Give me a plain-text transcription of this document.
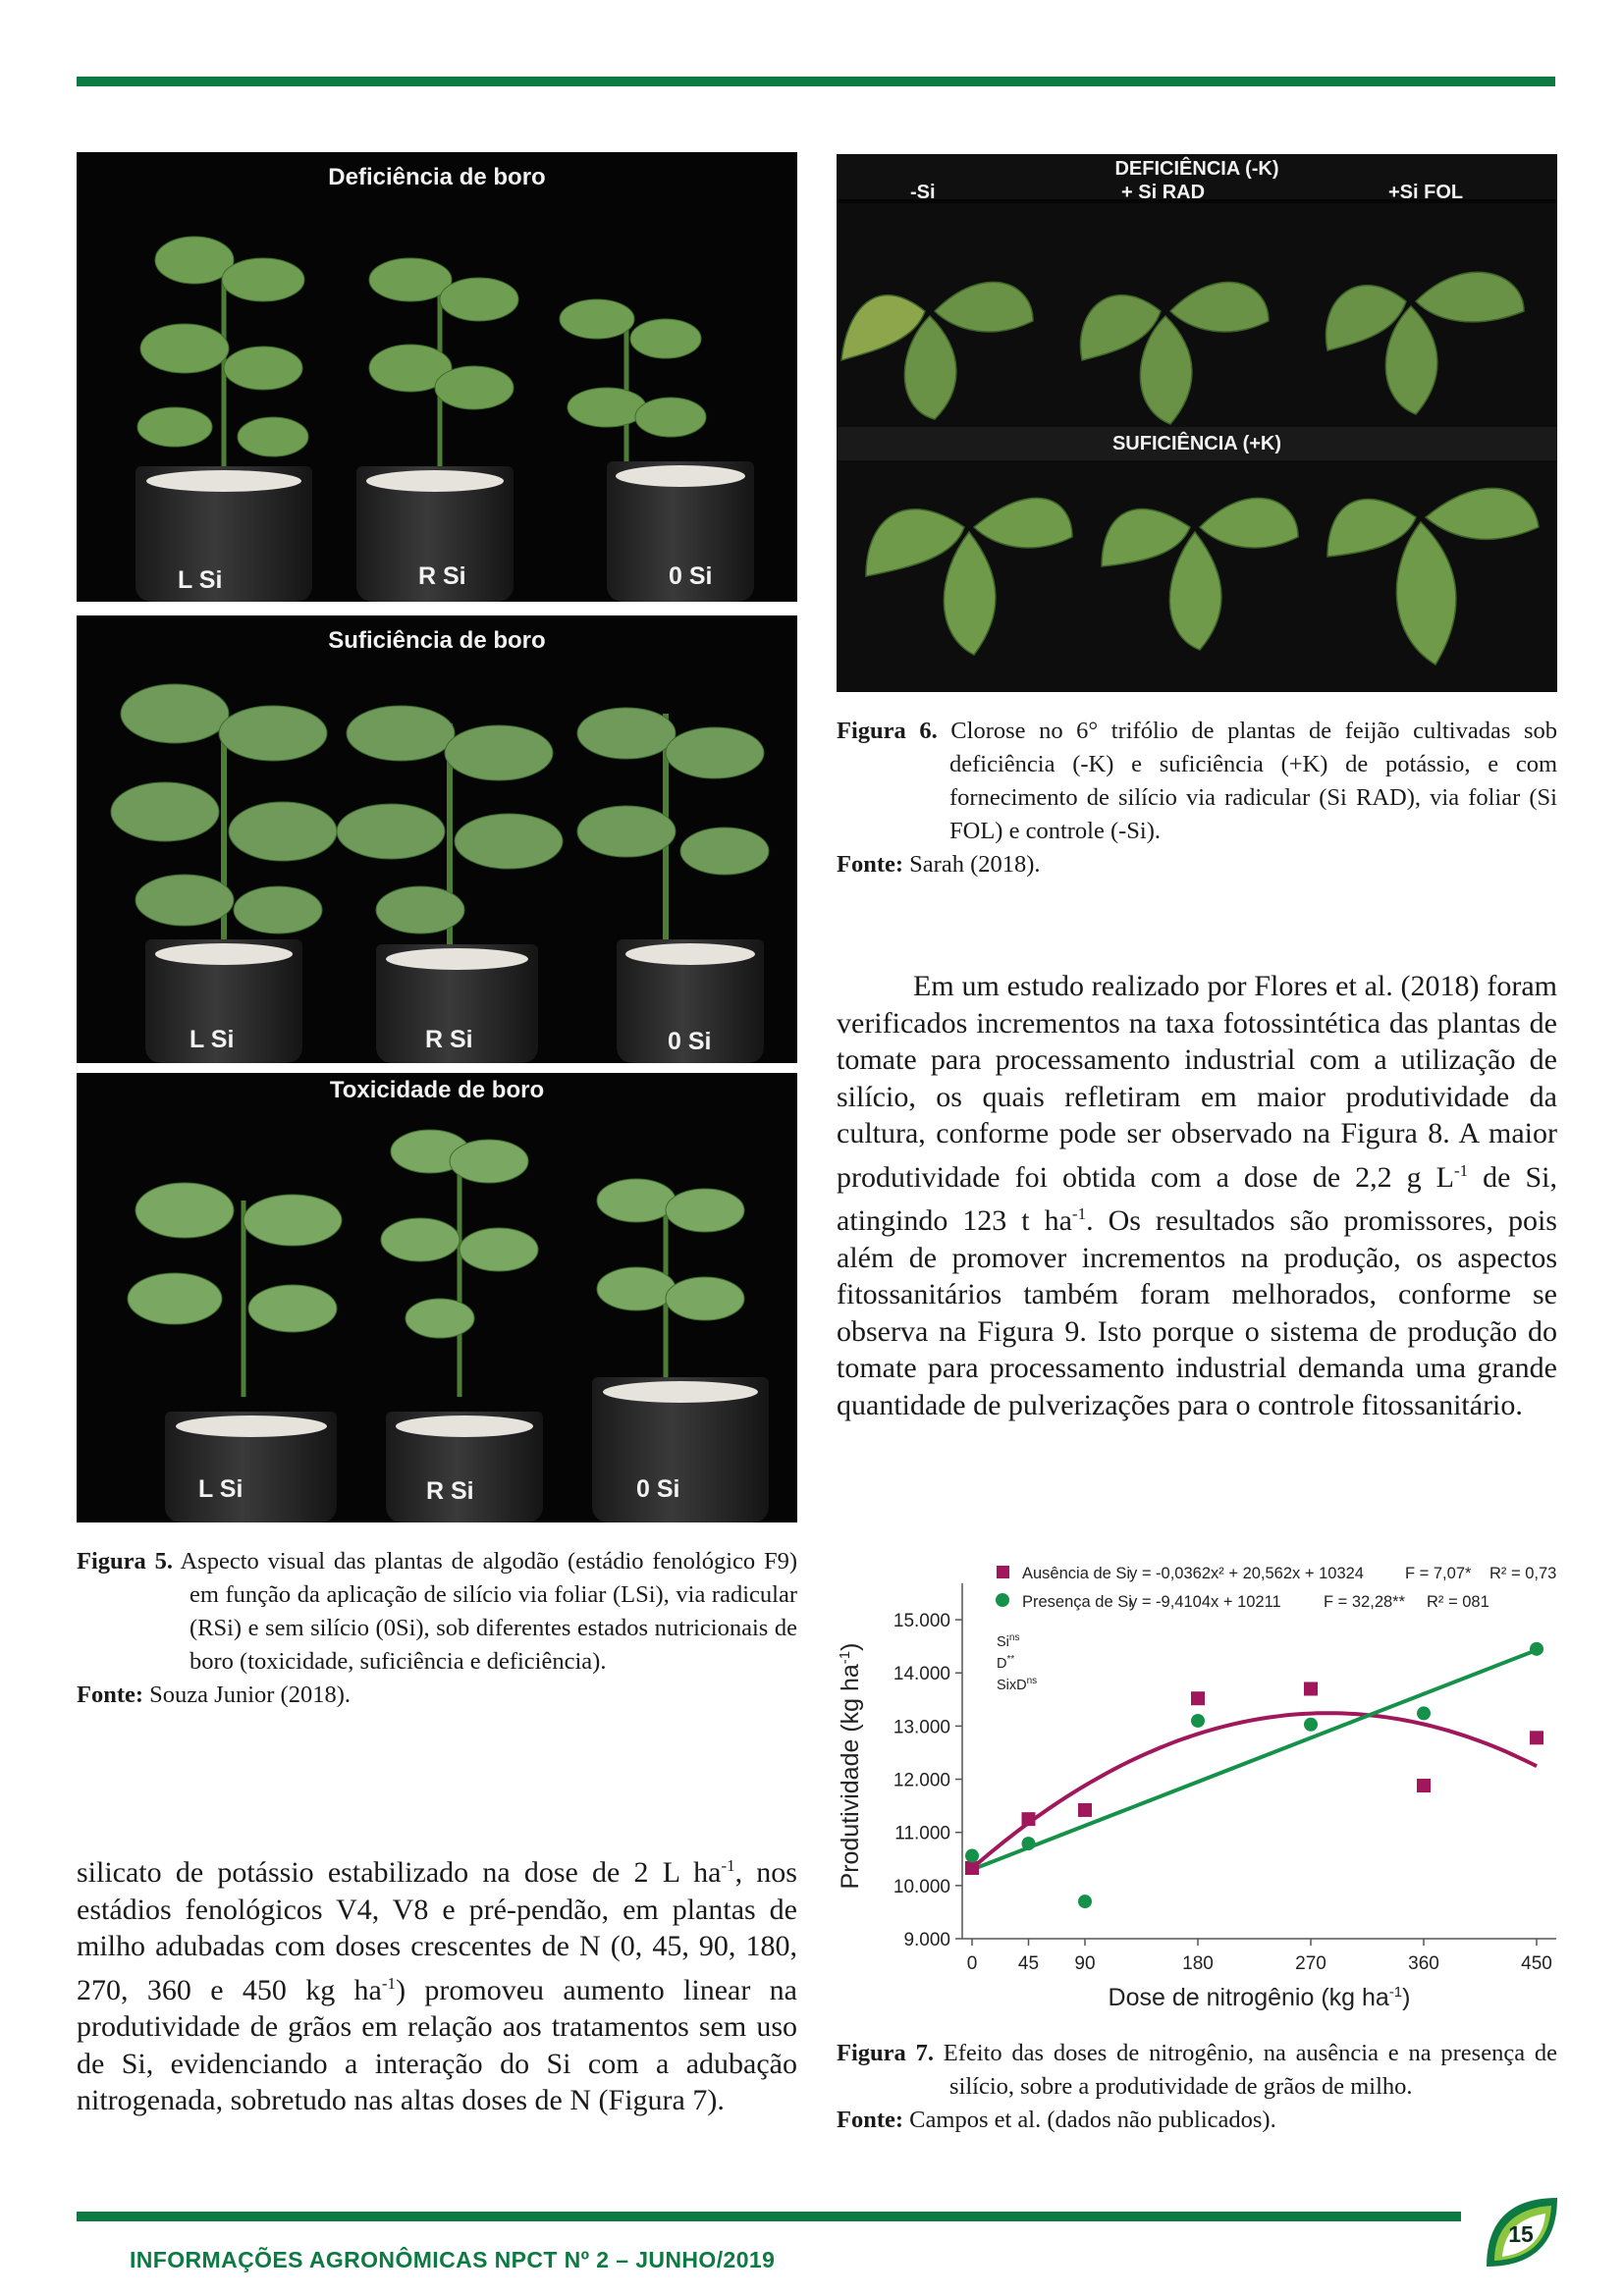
Deficiência de boro
L Si	R Si	0 Si
Suficiência de boro
L Si	R Si	0 Si
Toxicidade de boro
L Si	R Si	0 Si
Figura 5. Aspecto visual das plantas de algodão (estádio fenológico F9) em função da aplicação de silício via foliar (LSi), via radicular (RSi) e sem silício (0Si), sob diferentes estados nutricionais de boro (toxicidade, suficiência e deficiência).
Fonte: Souza Junior (2018).
DEFICIÊNCIA (-K)
-Si	+ Si RAD	+Si FOL
SUFICIÊNCIA (+K)
Figura 6. Clorose no 6° trifólio de plantas de feijão cultivadas sob deficiência (-K) e suficiência (+K) de potássio, e com fornecimento de silício via radicular (Si RAD), via foliar (Si FOL) e controle (-Si).
Fonte: Sarah (2018).

Em um estudo realizado por Flores et al. (2018) foram verificados incrementos na taxa fotossintética das plantas de tomate para processamento industrial com a utilização de silício, os quais refletiram em maior produtividade da cultura, conforme pode ser observado na Figura 8. A maior produtividade foi obtida com a dose de 2,2 g $L^{-1}$ de Si, atingindo 123 t $ha^{-1}$. Os resultados são promissores, pois além de promover incrementos na produção, os aspectos fitossanitários também foram melhorados, conforme se observa na Figura 9. Isto porque o sistema de produção do tomate para processamento industrial demanda uma grande quantidade de pulverizações para o controle fitossanitário.

silicato de potássio estabilizado na dose de 2 L $ha^{-1}$, nos estádios fenológicos V4, V8 e pré-pendão, em plantas de milho adubadas com doses crescentes de N (0, 45, 90, 180, 270, 360 e 450 kg $ha^{-1}$) promoveu aumento linear na produtividade de grãos em relação aos tratamentos sem uso de Si, evidenciando a interação do Si com a adubação nitrogenada, sobretudo nas altas doses de N (Figura 7).

9.000
10.000
11.000
12.000
13.000
14.000
15.000
0 45 90	180	270	360	450
Dose de nitrogênio (kg $ha^{-1}$)
Produtividade (kg $ha^{-1}$)
Ausência de Si
y = -0,0362x² + 20,562x + 10324	F = 7,07* R² = 0,73
Presença de Si
y = -9,4104x + 10211	F = 32,28** R² = 081
$Si^{ns}$
D**
SixD$^{ns}$
Figura 7. Efeito das doses de nitrogênio, na ausência e na presença de silício, sobre a produtividade de grãos de milho.
Fonte: Campos et al. (dados não publicados).
INFORMAÇÕES AGRONÔMICAS NPCT Nº 2 – JUNHO/2019
15
